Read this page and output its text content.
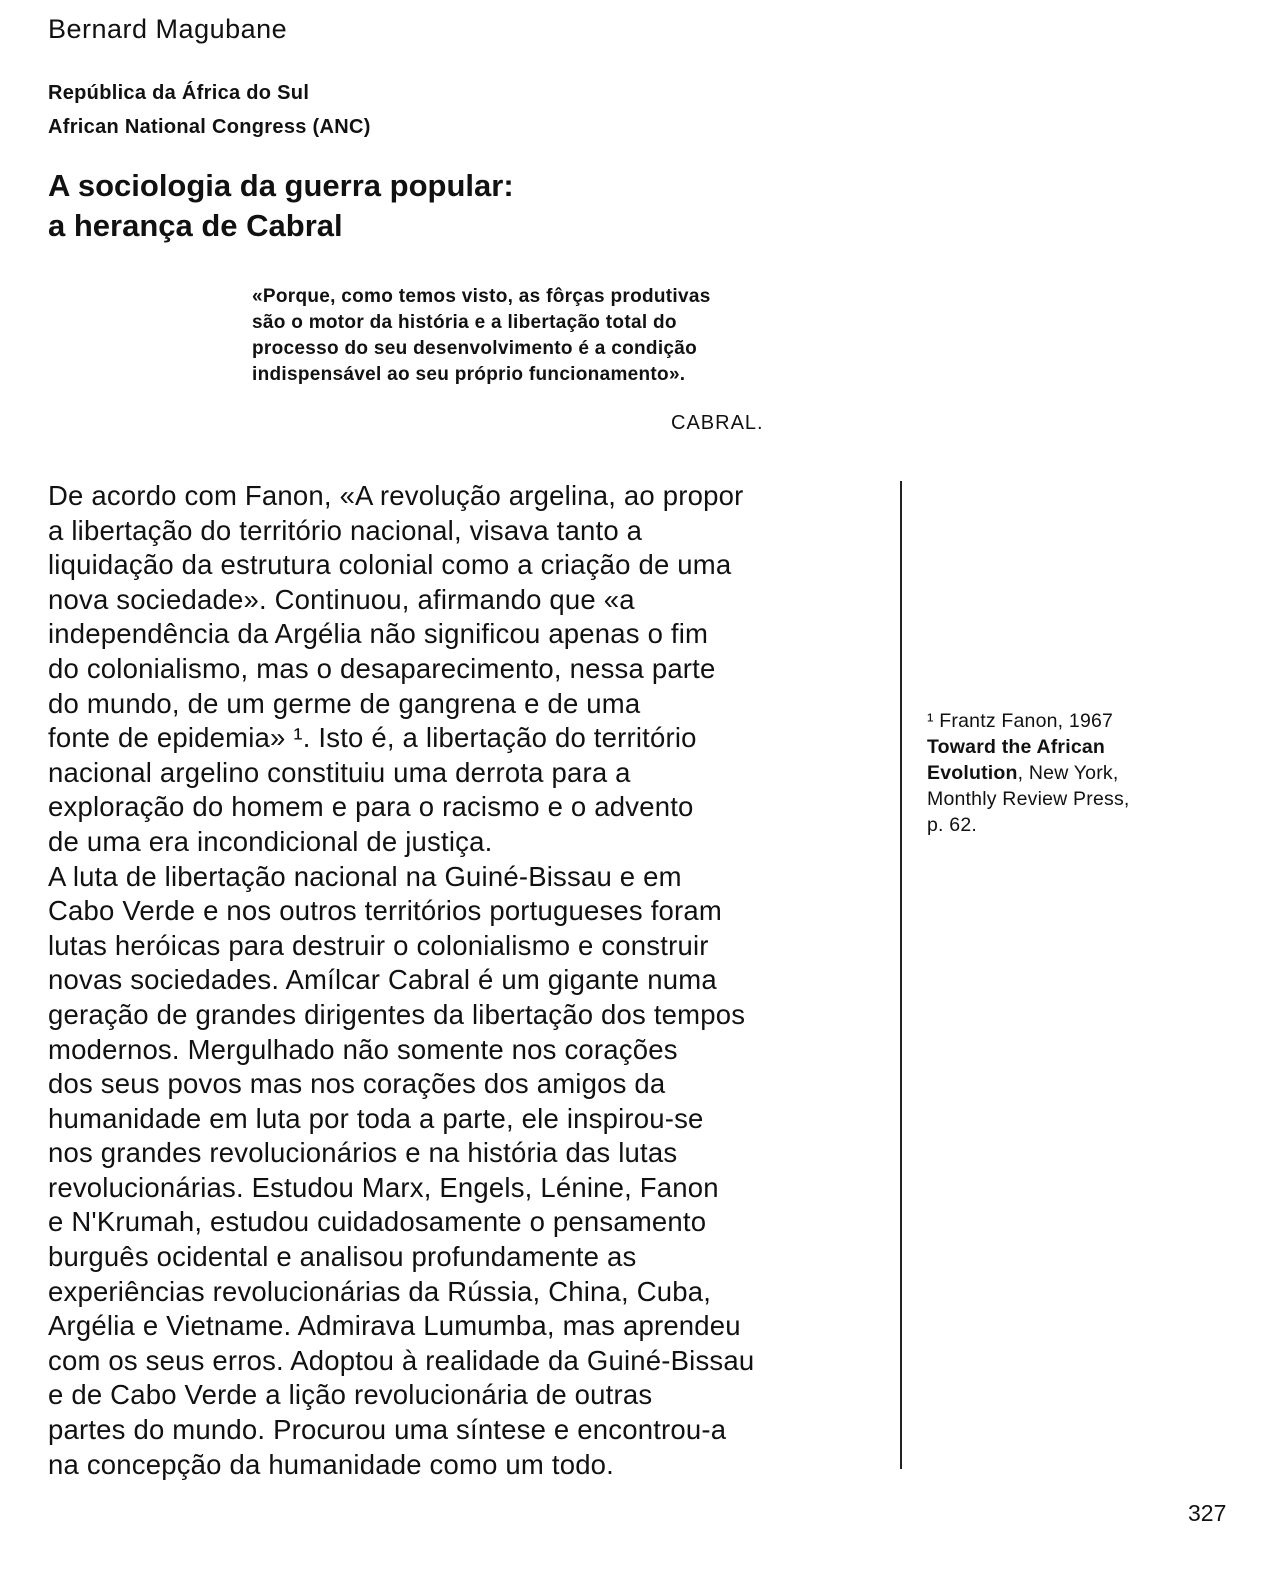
Bernard Magubane
República da África do Sul
African National Congress (ANC)
A sociologia da guerra popular:
a herança de Cabral
«Porque, como temos visto, as fôrças produtivas
são o motor da história e a libertação total do
processo do seu desenvolvimento é a condição
indispensável ao seu próprio funcionamento».
CABRAL.
De acordo com Fanon, «A revolução argelina, ao propor
a libertação do território nacional, visava tanto a
liquidação da estrutura colonial como a criação de uma
nova sociedade». Continuou, afirmando que «a
independência da Argélia não significou apenas o fim
do colonialismo, mas o desaparecimento, nessa parte
do mundo, de um germe de gangrena e de uma
fonte de epidemia» ¹. Isto é, a libertação do território
nacional argelino constituiu uma derrota para a
exploração do homem e para o racismo e o advento
de uma era incondicional de justiça.
A luta de libertação nacional na Guiné-Bissau e em
Cabo Verde e nos outros territórios portugueses foram
lutas heróicas para destruir o colonialismo e construir
novas sociedades. Amílcar Cabral é um gigante numa
geração de grandes dirigentes da libertação dos tempos
modernos. Mergulhado não somente nos corações
dos seus povos mas nos corações dos amigos da
humanidade em luta por toda a parte, ele inspirou-se
nos grandes revolucionários e na história das lutas
revolucionárias. Estudou Marx, Engels, Lénine, Fanon
e N'Krumah, estudou cuidadosamente o pensamento
burguês ocidental e analisou profundamente as
experiências revolucionárias da Rússia, China, Cuba,
Argélia e Vietname. Admirava Lumumba, mas aprendeu
com os seus erros. Adoptou à realidade da Guiné-Bissau
e de Cabo Verde a lição revolucionária de outras
partes do mundo. Procurou uma síntese e encontrou-a
na concepção da humanidade como um todo.
¹ Frantz Fanon, 1967
Toward the African
Evolution, New York,
Monthly Review Press,
p. 62.
327
